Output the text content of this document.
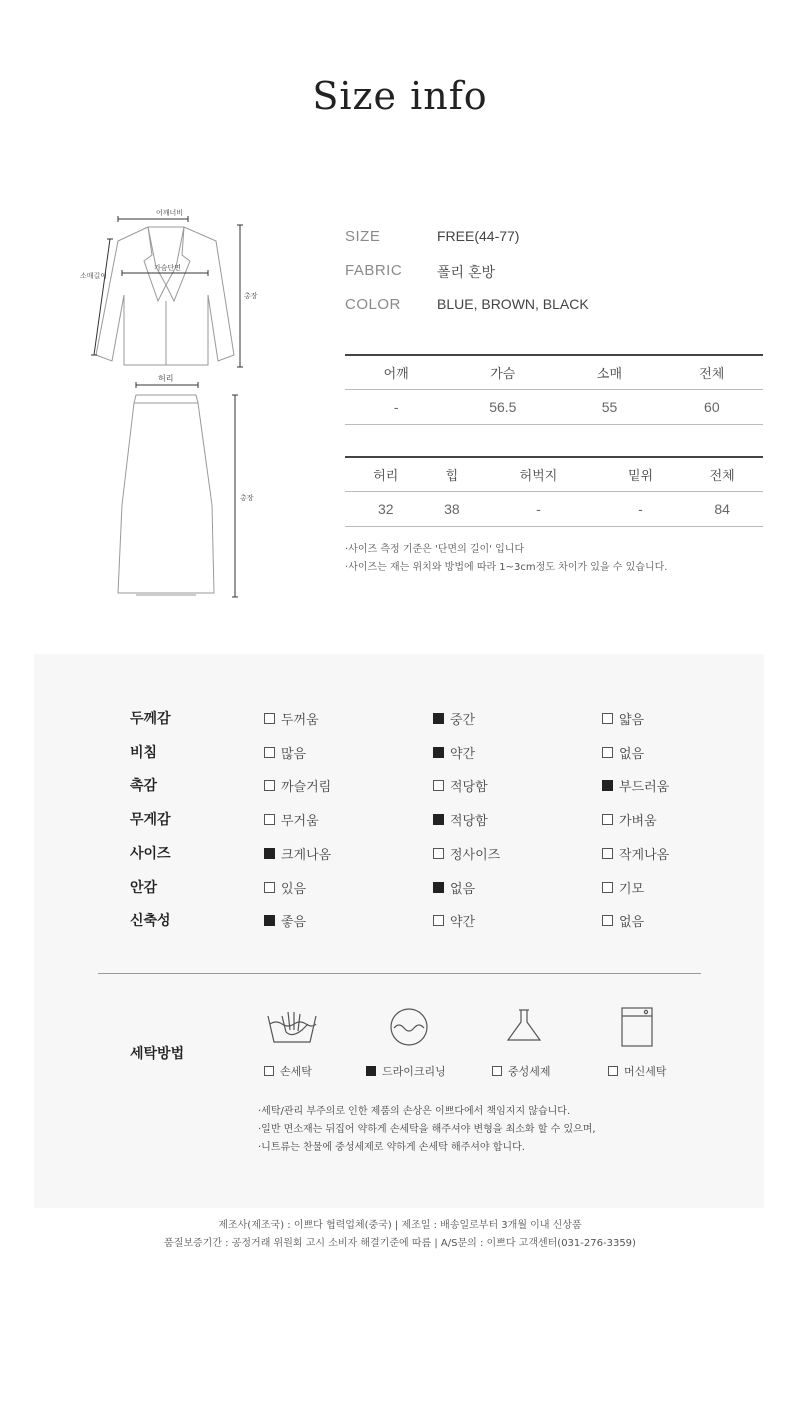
Size info
어깨너비
소매길이
가슴단면
총장
허리
총장
SIZE	FREE(44-77)
FABRIC	폴리 혼방
COLOR	BLUE, BROWN, BLACK
어깨	가슴	소매	전체
-	56.5	55	60
허리	힙	허벅지	밑위	전체
32	38	-	-	84
·사이즈 측정 기준은 '단면의 길이' 입니다
·사이즈는 재는 위치와 방법에 따라 1~3cm정도 차이가 있을 수 있습니다.
두께감	두꺼움	중간	얇음
비침	많음	약간	없음
촉감	까슬거림	적당함	부드러움
무게감	무거움	적당함	가벼움
사이즈	크게나옴	정사이즈	작게나옴
안감	있음	없음	기모
신축성	좋음	약간	없음
세탁방법
손세탁	드라이크리닝	중성세제	머신세탁
·세탁/관리 부주의로 인한 제품의 손상은 이쁘다에서 책임지지 않습니다.
·일반 면소재는 뒤집어 약하게 손세탁을 해주셔야 변형을 최소화 할 수 있으며,
·니트류는 찬물에 중성세제로 약하게 손세탁 해주셔야 합니다.
제조사(제조국) : 이쁘다 협력업체(중국) | 제조일 : 배송일로부터 3개월 이내 신상품
품질보증기간 : 공정거래 위원회 고시 소비자 해결기준에 따름 | A/S문의 : 이쁘다 고객센터(031-276-3359)
